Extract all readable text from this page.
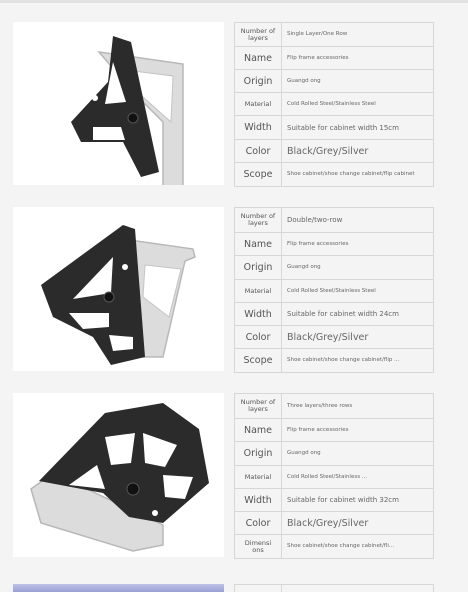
Number of layers	Single Layer/One Row
Name	Flip frame accessories
Origin	Guangd ong
Material	Cold Rolled Steel/Stainless Steel
Width	Suitable for cabinet width 15cm
Color	Black/Grey/Silver
Scope	Shoe cabinet/shoe change cabinet/flip cabinet
Number of layers	Double/two-row
Name	Flip frame accessories
Origin	Guangd ong
Material	Cold Rolled Steel/Stainless Steel
Width	Suitable for cabinet width 24cm
Color	Black/Grey/Silver
Scope	Shoe cabinet/shoe change cabinet/flip ...
Number of layers	Three layers/three rows
Name	Flip frame accessories
Origin	Guangd ong
Material	Cold Rolled Steel/Stainless ...
Width	Suitable for cabinet width 32cm
Color	Black/Grey/Silver
Dimensi ons	Shoe cabinet/shoe change cabinet/fli...
